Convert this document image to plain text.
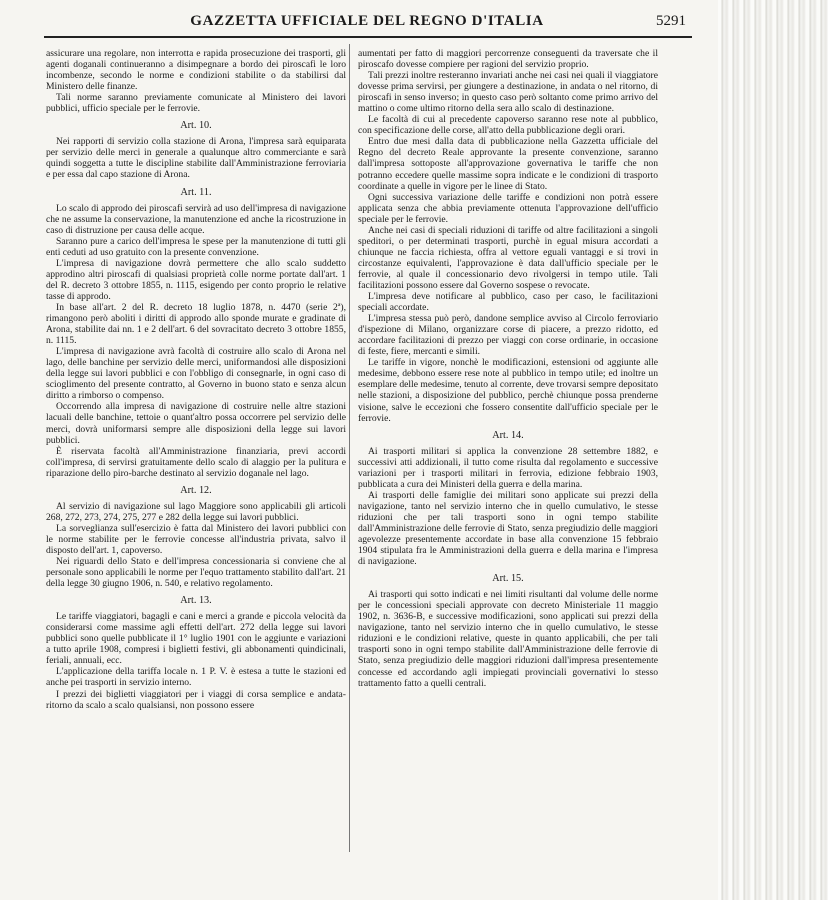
GAZZETTA UFFICIALE DEL REGNO D'ITALIA	5291

assicurare una regolare, non interrotta e rapida prosecuzione dei trasporti, gli agenti doganali continueranno a disimpegnare a bordo dei piroscafi le loro incombenze, secondo le norme e condizioni stabilite o da stabilirsi dal Ministero delle finanze.

Tali norme saranno previamente comunicate al Ministero dei lavori pubblici, ufficio speciale per le ferrovie.

Art. 10.

Nei rapporti di servizio colla stazione di Arona, l'impresa sarà equiparata per servizio delle merci in generale a qualunque altro commerciante e sarà quindi soggetta a tutte le discipline stabilite dall'Amministrazione ferroviaria e per essa dal capo stazione di Arona.

Art. 11.

Lo scalo di approdo dei piroscafi servirà ad uso dell'impresa di navigazione che ne assume la conservazione, la manutenzione ed anche la ricostruzione in caso di distruzione per causa delle acque.

Saranno pure a carico dell'impresa le spese per la manutenzione di tutti gli enti ceduti ad uso gratuito con la presente convenzione.

L'impresa di navigazione dovrà permettere che allo scalo suddetto approdino altri piroscafi di qualsiasi proprietà colle norme portate dall'art. 1 del R. decreto 3 ottobre 1855, n. 1115, esigendo per conto proprio le relative tasse di approdo.

In base all'art. 2 del R. decreto 18 luglio 1878, n. 4470 (serie 2ª), rimangono però aboliti i diritti di approdo allo sponde murate e gradinate di Arona, stabilite dai nn. 1 e 2 dell'art. 6 del sovracitato decreto 3 ottobre 1855, n. 1115.

L'impresa di navigazione avrà facoltà di costruire allo scalo di Arona nel lago, delle banchine per servizio delle merci, uniformandosi alle disposizioni della legge sui lavori pubblici e con l'obbligo di consegnarle, in ogni caso di scioglimento del presente contratto, al Governo in buono stato e senza alcun diritto a rimborso o compenso.

Occorrendo alla impresa di navigazione di costruire nelle altre stazioni lacuali delle banchine, tettoie o quant'altro possa occorrere pel servizio delle merci, dovrà uniformarsi sempre alle disposizioni della legge sui lavori pubblici.

È riservata facoltà all'Amministrazione finanziaria, previ accordi coll'impresa, di servirsi gratuitamente dello scalo di alaggio per la pulitura e riparazione dello piro-barche destinato al servizio doganale nel lago.

Art. 12.

Al servizio di navigazione sul lago Maggiore sono applicabili gli articoli 268, 272, 273, 274, 275, 277 e 282 della legge sui lavori pubblici.

La sorveglianza sull'esercizio è fatta dal Ministero dei lavori pubblici con le norme stabilite per le ferrovie concesse all'industria privata, salvo il disposto dell'art. 1, capoverso.

Nei riguardi dello Stato e dell'impresa concessionaria si conviene che al personale sono applicabili le norme per l'equo trattamento stabilito dall'art. 21 della legge 30 giugno 1906, n. 540, e relativo regolamento.

Art. 13.

Le tariffe viaggiatori, bagagli e cani e merci a grande e piccola velocità da considerarsi come massime agli effetti dell'art. 272 della legge sui lavori pubblici sono quelle pubblicate il 1° luglio 1901 con le aggiunte e variazioni a tutto aprile 1908, compresi i biglietti festivi, gli abbonamenti quindicinali, feriali, annuali, ecc.

L'applicazione della tariffa locale n. 1 P. V. è estesa a tutte le stazioni ed anche pei trasporti in servizio interno.

I prezzi dei biglietti viaggiatori per i viaggi di corsa semplice e andata-ritorno da scalo a scalo qualsiansi, non possono essere

aumentati per fatto di maggiori percorrenze conseguenti da traversate che il piroscafo dovesse compiere per ragioni del servizio proprio.

Tali prezzi inoltre resteranno invariati anche nei casi nei quali il viaggiatore dovesse prima servirsi, per giungere a destinazione, in andata o nel ritorno, di piroscafi in senso inverso; in questo caso però soltanto come primo arrivo del mattino o come ultimo ritorno della sera allo scalo di destinazione.

Le facoltà di cui al precedente capoverso saranno rese note al pubblico, con specificazione delle corse, all'atto della pubblicazione degli orari.

Entro due mesi dalla data di pubblicazione nella Gazzetta ufficiale del Regno del decreto Reale approvante la presente convenzione, saranno dall'impresa sottoposte all'approvazione governativa le tariffe che non potranno eccedere quelle massime sopra indicate e le condizioni di trasporto coordinate a quelle in vigore per le linee di Stato.

Ogni successiva variazione delle tariffe e condizioni non potrà essere applicata senza che abbia previamente ottenuta l'approvazione dell'ufficio speciale per le ferrovie.

Anche nei casi di speciali riduzioni di tariffe od altre facilitazioni a singoli speditori, o per determinati trasporti, purchè in egual misura accordati a chiunque ne faccia richiesta, offra al vettore eguali vantaggi e si trovi in circostanze equivalenti, l'approvazione è data dall'ufficio speciale per le ferrovie, al quale il concessionario devo rivolgersi in tempo utile. Tali facilitazioni possono essere dal Governo sospese o revocate.

L'impresa deve notificare al pubblico, caso per caso, le facilitazioni speciali accordate.

L'impresa stessa può però, dandone semplice avviso al Circolo ferroviario d'ispezione di Milano, organizzare corse di piacere, a prezzo ridotto, ed accordare facilitazioni di prezzo per viaggi con corse ordinarie, in occasione di feste, fiere, mercanti e simili.

Le tariffe in vigore, nonchè le modificazioni, estensioni od aggiunte alle medesime, debbono essere rese note al pubblico in tempo utile; ed inoltre un esemplare delle medesime, tenuto al corrente, deve trovarsi sempre depositato nelle stazioni, a disposizione del pubblico, perchè chiunque possa prenderne visione, salve le eccezioni che fossero consentite dall'ufficio speciale per le ferrovie.

Art. 14.

Ai trasporti militari si applica la convenzione 28 settembre 1882, e successivi atti addizionali, il tutto come risulta dal regolamento e successive variazioni per i trasporti militari in ferrovia, edizione febbraio 1903, pubblicata a cura dei Ministeri della guerra e della marina.

Ai trasporti delle famiglie dei militari sono applicate sui prezzi della navigazione, tanto nel servizio interno che in quello cumulativo, le stesse riduzioni che per tali trasporti sono in ogni tempo stabilite dall'Amministrazione delle ferrovie di Stato, senza pregiudizio delle maggiori agevolezze presentemente accordate in base alla convenzione 15 febbraio 1904 stipulata fra le Amministrazioni della guerra e della marina e l'impresa di navigazione.

Art. 15.

Ai trasporti qui sotto indicati e nei limiti risultanti dal volume delle norme per le concessioni speciali approvate con decreto Ministeriale 11 maggio 1902, n. 3636-B, e successive modificazioni, sono applicati sui prezzi della navigazione, tanto nel servizio interno che in quello cumulativo, le stesse riduzioni e le condizioni relative, queste in quanto applicabili, che per tali trasporti sono in ogni tempo stabilite dall'Amministrazione delle ferrovie di Stato, senza pregiudizio delle maggiori riduzioni dall'impresa presentemente concesse ed accordando agli impiegati provinciali governativi lo stesso trattamento fatto a quelli centrali.
